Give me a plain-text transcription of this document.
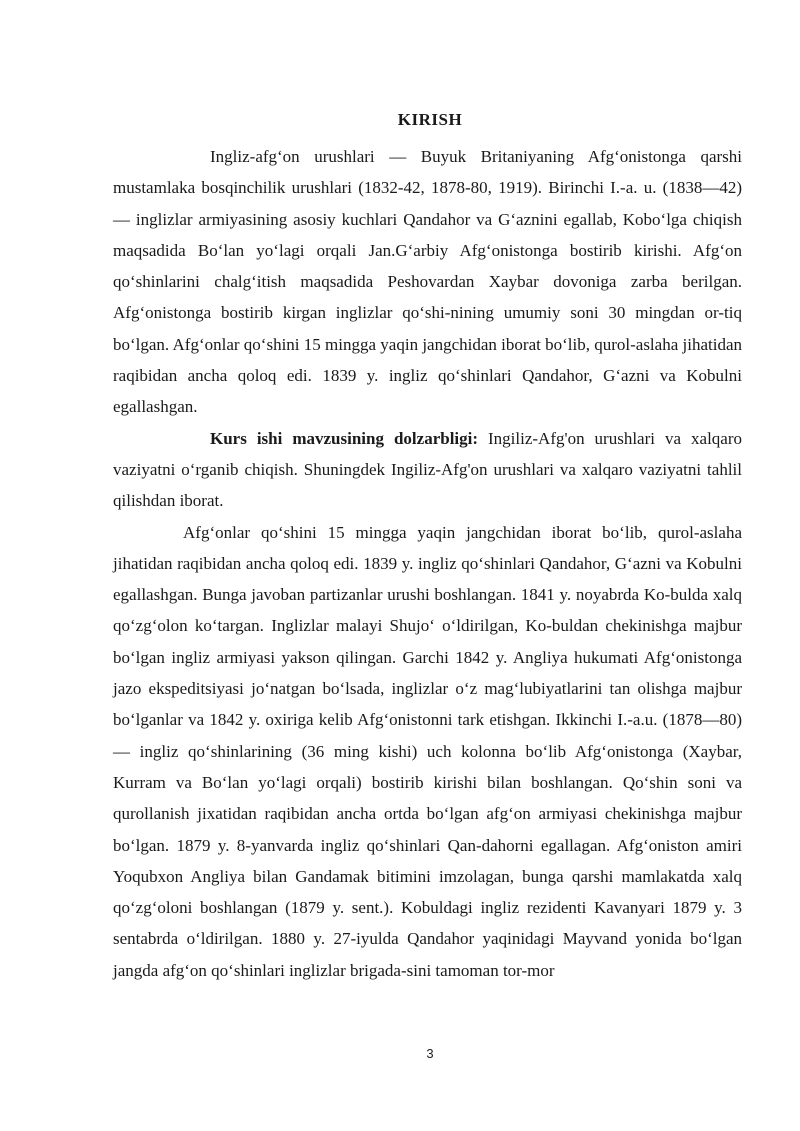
KIRISH

Ingliz-afg‘on urushlari — Buyuk Britaniyaning Afg‘onistonga qarshi mustamlaka bosqinchilik urushlari (1832-42, 1878-80, 1919). Birinchi I.-a. u. (1838—42) — inglizlar armiyasining asosiy kuchlari Qandahor va G‘aznini egallab, Kobo‘lga chiqish maqsadida Bo‘lan yo‘lagi orqali Jan.G‘arbiy Afg‘onistonga bostirib kirishi. Afg‘on qo‘shinlarini chalg‘itish maqsadida Peshovardan Xaybar dovoniga zarba berilgan. Afg‘onistonga bostirib kirgan inglizlar qo‘shi-nining umumiy soni 30 mingdan or-tiq bo‘lgan. Afg‘onlar qo‘shini 15 mingga yaqin jangchidan iborat bo‘lib, qurol-aslaha jihatidan raqibidan ancha qoloq edi. 1839 y. ingliz qo‘shinlari Qandahor, G‘azni va Kobulni egallashgan.

Kurs ishi mavzusining dolzarbligi: Ingiliz-Afg'on urushlari va xalqaro vaziyatni o‘rganib chiqish. Shuningdek Ingiliz-Afg'on urushlari va xalqaro vaziyatni tahlil qilishdan iborat.

Afg‘onlar qo‘shini 15 mingga yaqin jangchidan iborat bo‘lib, qurol-aslaha jihatidan raqibidan ancha qoloq edi. 1839 y. ingliz qo‘shinlari Qandahor, G‘azni va Kobulni egallashgan. Bunga javoban partizanlar urushi boshlangan. 1841 y. noyabrda Ko-bulda xalq qo‘zg‘olon ko‘targan. Inglizlar malayi Shujo‘ o‘ldirilgan, Ko-buldan chekinishga majbur bo‘lgan ingliz armiyasi yakson qilingan. Garchi 1842 y. Angliya hukumati Afg‘onistonga jazo ekspeditsiyasi jo‘natgan bo‘lsada, inglizlar o‘z mag‘lubiyatlarini tan olishga majbur bo‘lganlar va 1842 y. oxiriga kelib Afg‘onistonni tark etishgan. Ikkinchi I.-a.u. (1878—80) — ingliz qo‘shinlarining (36 ming kishi) uch kolonna bo‘lib Afg‘onistonga (Xaybar, Kurram va Bo‘lan yo‘lagi orqali) bostirib kirishi bilan boshlangan. Qo‘shin soni va qurollanish jixatidan raqibidan ancha ortda bo‘lgan afg‘on armiyasi chekinishga majbur bo‘lgan. 1879 y. 8-yanvarda ingliz qo‘shinlari Qan-dahorni egallagan. Afg‘oniston amiri Yoqubxon Angliya bilan Gandamak bitimini imzolagan, bunga qarshi mamlakatda xalq qo‘zg‘oloni boshlangan (1879 y. sent.). Kobuldagi ingliz rezidenti Kavanyari 1879 y. 3 sentabrda o‘ldirilgan. 1880 y. 27-iyulda Qandahor yaqinidagi Mayvand yonida bo‘lgan jangda afg‘on qo‘shinlari inglizlar brigada-sini tamoman tor-mor

3
